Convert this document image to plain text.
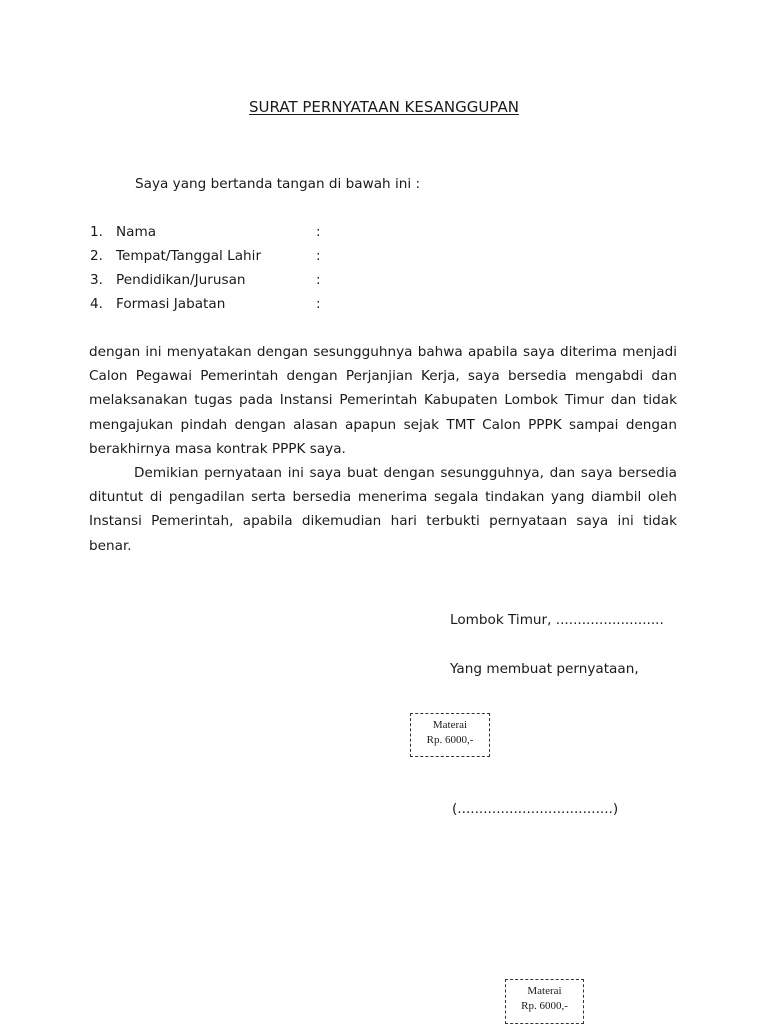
SURAT PERNYATAAN KESANGGUPAN
Saya yang bertanda tangan di bawah ini :
1. Nama	:
2. Tempat/Tanggal Lahir	:
3. Pendidikan/Jurusan	:
4. Formasi Jabatan	:

dengan ini menyatakan dengan sesungguhnya bahwa apabila saya diterima menjadi Calon Pegawai Pemerintah dengan Perjanjian Kerja, saya bersedia mengabdi dan melaksanakan tugas pada Instansi Pemerintah Kabupaten Lombok Timur dan tidak mengajukan pindah dengan alasan apapun sejak TMT Calon PPPK sampai dengan berakhirnya masa kontrak PPPK saya.

Demikian pernyataan ini saya buat dengan sesungguhnya, dan saya bersedia dituntut di pengadilan serta bersedia menerima segala tindakan yang diambil oleh Instansi Pemerintah, apabila dikemudian hari terbukti pernyataan saya ini tidak benar.

Lombok Timur, .........................
Yang membuat pernyataan,
Materai
Rp. 6000,-
(....................................)
Materai
Rp. 6000,-
